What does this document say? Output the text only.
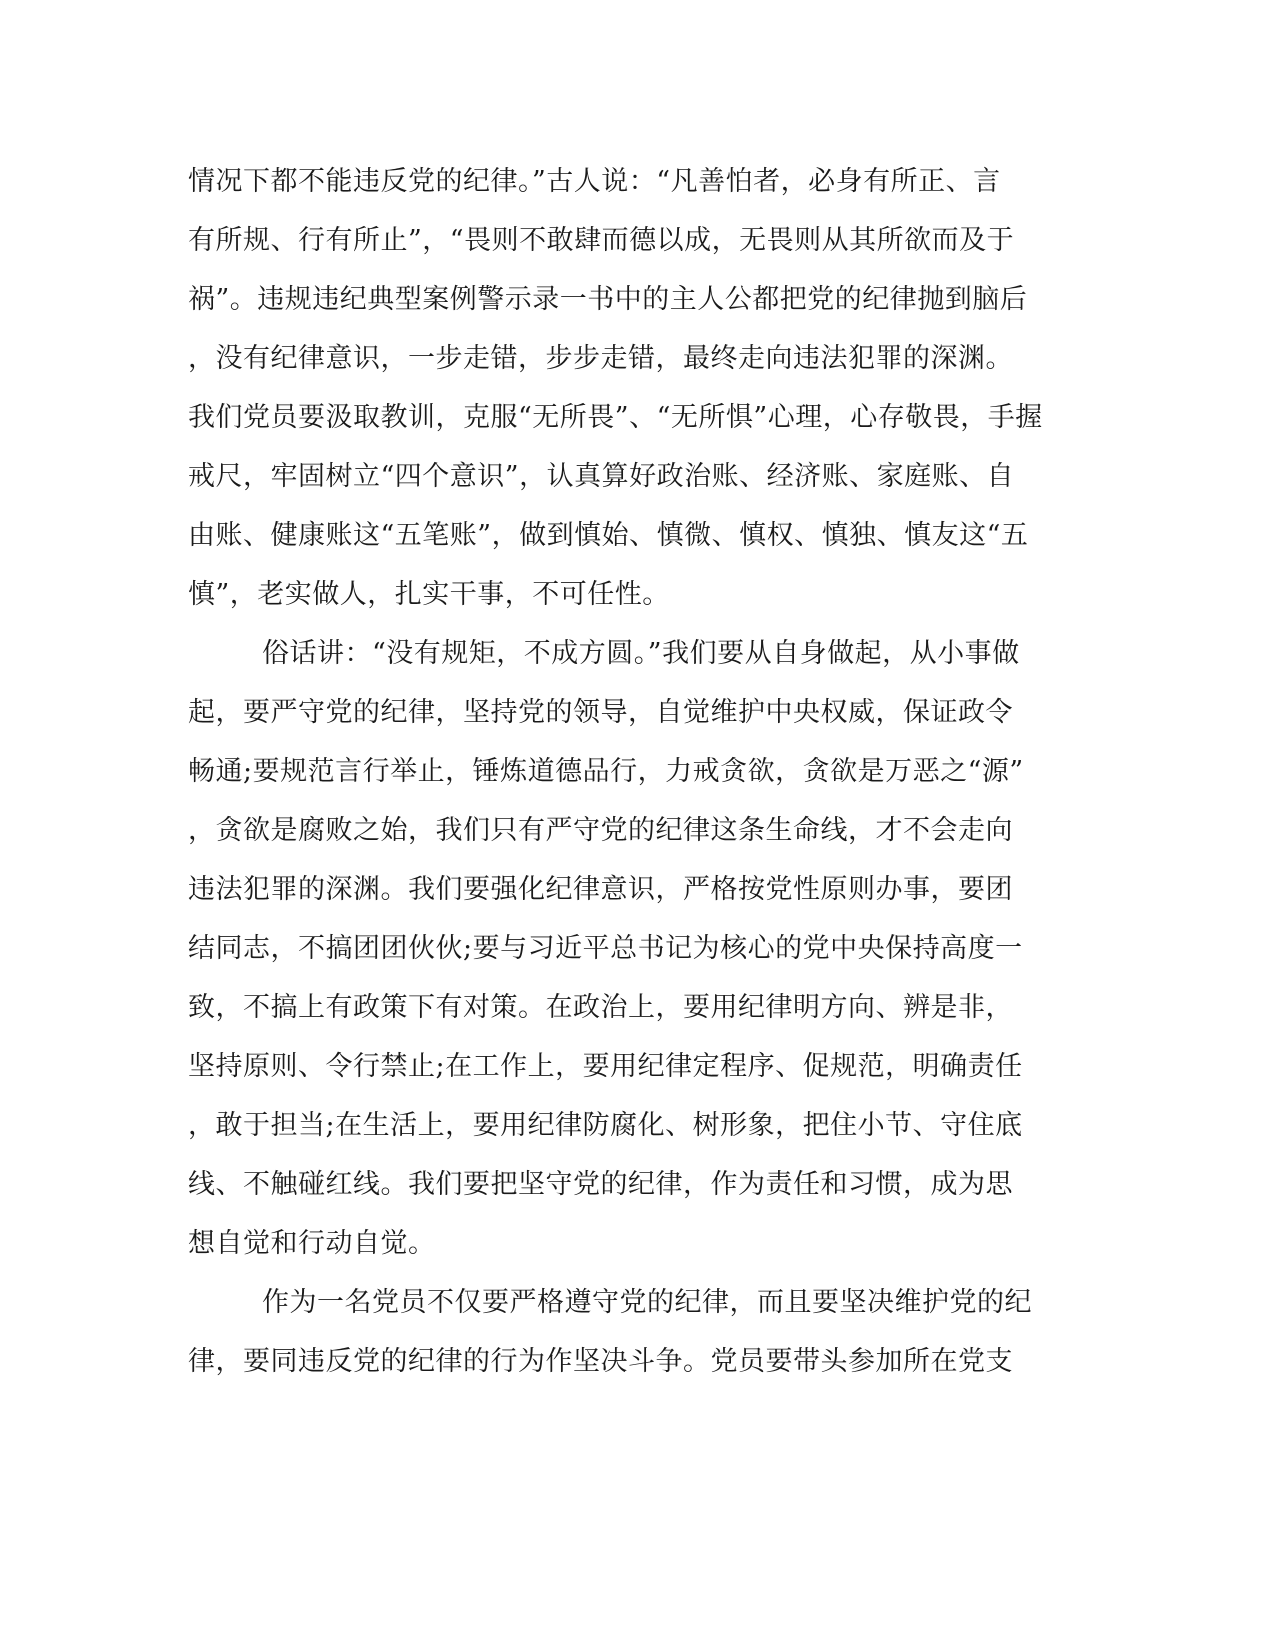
情况下都不能违反党的纪律。”古人说：“凡善怕者，必身有所正、言
有所规、行有所止”，“畏则不敢肆而德以成，无畏则从其所欲而及于
祸”。违规违纪典型案例警示录一书中的主人公都把党的纪律抛到脑后
，没有纪律意识，一步走错，步步走错，最终走向违法犯罪的深渊。
我们党员要汲取教训，克服“无所畏”、“无所惧”心理，心存敬畏，手握
戒尺，牢固树立“四个意识”，认真算好政治账、经济账、家庭账、自
由账、健康账这“五笔账”，做到慎始、慎微、慎权、慎独、慎友这“五
慎”，老实做人，扎实干事，不可任性。
俗话讲：“没有规矩，不成方圆。”我们要从自身做起，从小事做
起，要严守党的纪律，坚持党的领导，自觉维护中央权威，保证政令
畅通;要规范言行举止，锤炼道德品行，力戒贪欲，贪欲是万恶之“源”
，贪欲是腐败之始，我们只有严守党的纪律这条生命线，才不会走向
违法犯罪的深渊。我们要强化纪律意识，严格按党性原则办事，要团
结同志，不搞团团伙伙;要与习近平总书记为核心的党中央保持高度一
致，不搞上有政策下有对策。在政治上，要用纪律明方向、辨是非，
坚持原则、令行禁止;在工作上，要用纪律定程序、促规范，明确责任
，敢于担当;在生活上，要用纪律防腐化、树形象，把住小节、守住底
线、不触碰红线。我们要把坚守党的纪律，作为责任和习惯，成为思
想自觉和行动自觉。
作为一名党员不仅要严格遵守党的纪律，而且要坚决维护党的纪
律，要同违反党的纪律的行为作坚决斗争。党员要带头参加所在党支
